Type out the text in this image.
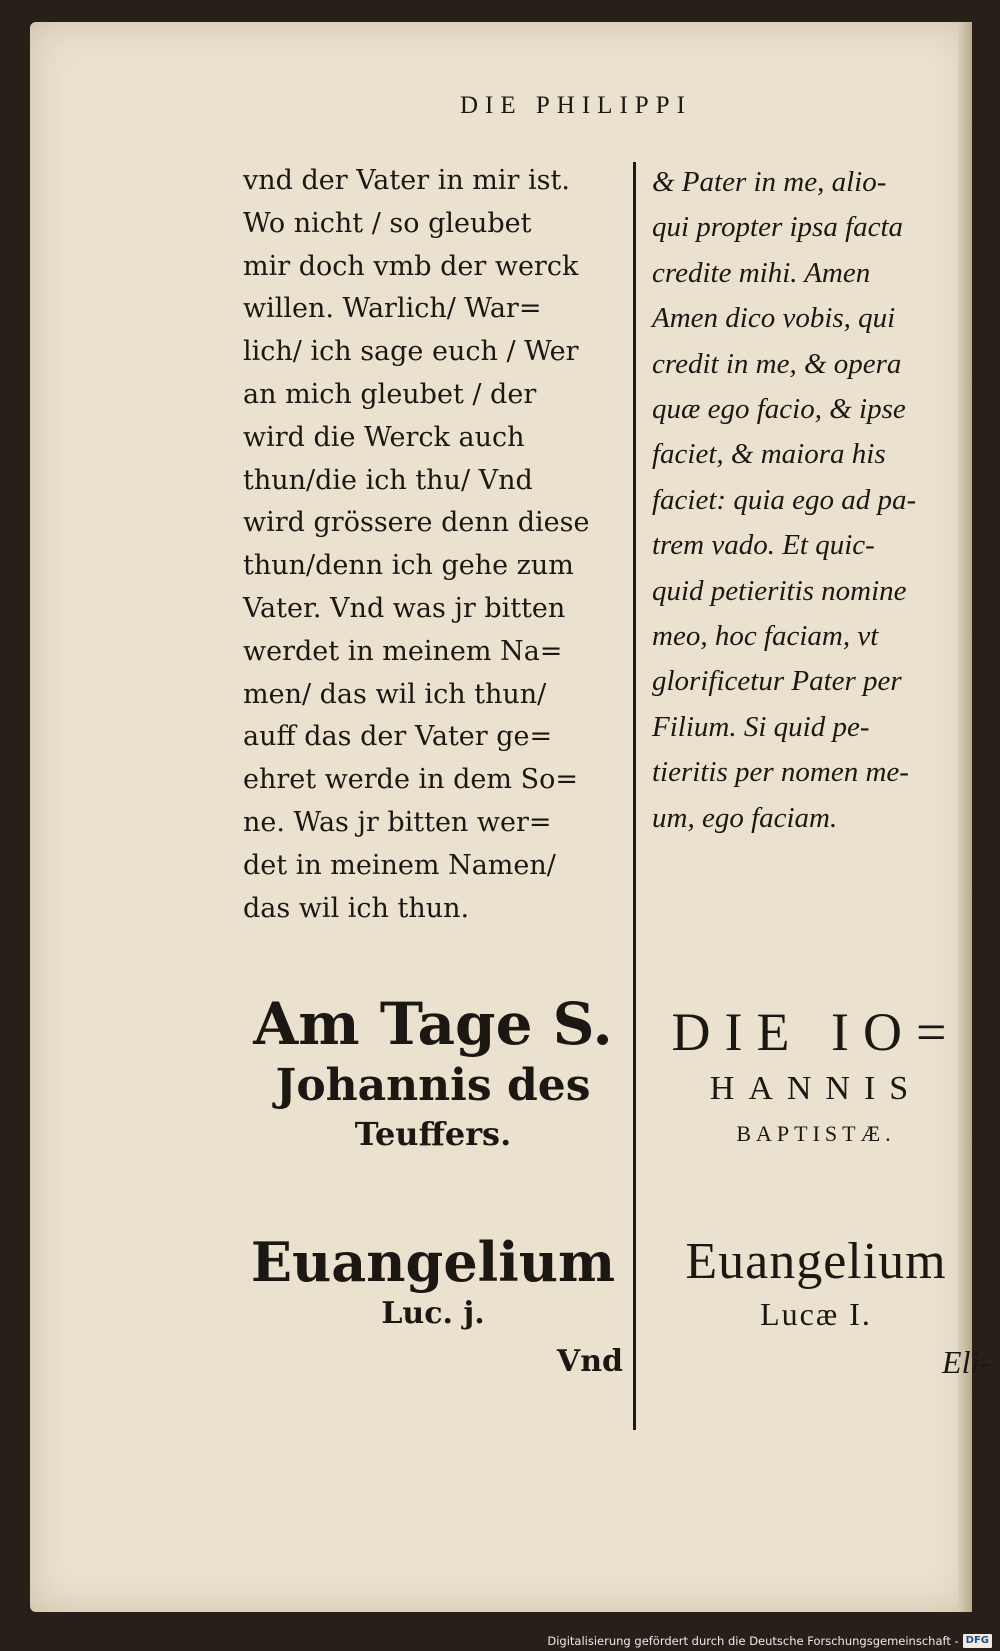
DIE PHILIPPI
vnd der Vater in mir ist.
Wo nicht / so gleubet
mir doch vmb der werck
willen. Warlich/ War=
lich/ ich sage euch / Wer
an mich gleubet / der
wird die Werck auch
thun/die ich thu/ Vnd
wird grössere denn diese
thun/denn ich gehe zum
Vater. Vnd was jr bitten
werdet in meinem Na=
men/ das wil ich thun/
auff das der Vater ge=
ehret werde in dem So=
ne. Was jr bitten wer=
det in meinem Namen/
das wil ich thun.
& Pater in me, alio-
qui propter ipsa facta
credite mihi. Amen
Amen dico vobis, qui
credit in me, & opera
quæ ego facio, & ipse
faciet, & maiora his
faciet: quia ego ad pa-
trem vado. Et quic-
quid petieritis nomine
meo, hoc faciam, vt
glorificetur Pater per
Filium. Si quid pe-
tieritis per nomen me-
um, ego faciam.
Am Tage S.
Johannis des
Teuffers.
DIE IO=
HANNIS
BAPTISTÆ.
Euangelium
Luc. j.
Euangelium
Lucæ I.
Vnd	Eli-
Digitalisierung gefördert durch die Deutsche Forschungsgemeinschaft - DFG
